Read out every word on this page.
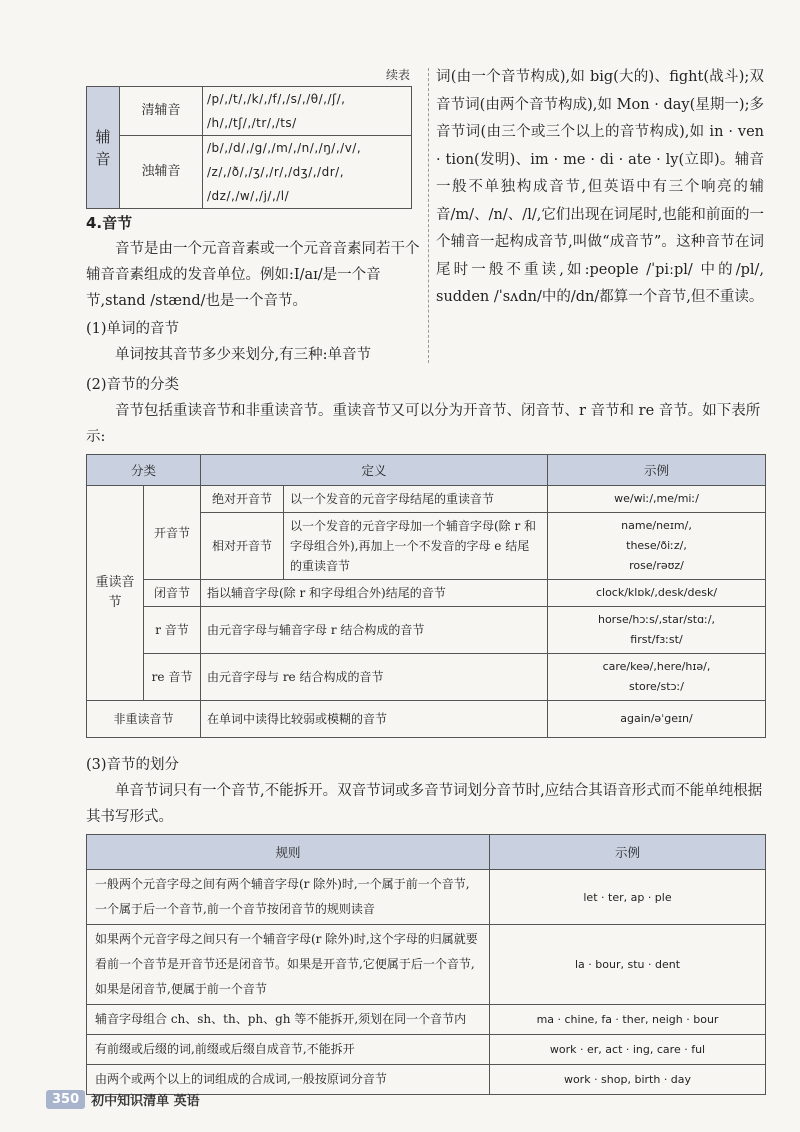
续表
辅音	清辅音	/p/,/t/,/k/,/f/,/s/,/θ/,/ʃ/,
/h/,/tʃ/,/tr/,/ts/

	浊辅音	/b/,/d/,/g/,/m/,/n/,/ŋ/,/v/,
/z/,/ð/,/ʒ/,/r/,/dʒ/,/dr/,
/dz/,/w/,/j/,/l/
4.音节
音节是由一个元音音素或一个元音音素同若干个辅音音素组成的发音单位。例如:I/aɪ/是一个音节,stand /stænd/也是一个音节。
(1)单词的音节
单词按其音节多少来划分,有三种:单音节
词(由一个音节构成),如 big(大的)、fight(战斗);双音节词(由两个音节构成),如 Mon · day(星期一);多音节词(由三个或三个以上的音节构成),如 in · ven · tion(发明)、im · me · di · ate · ly(立即)。辅音一般不单独构成音节,但英语中有三个响亮的辅音/m/、/n/、/l/,它们出现在词尾时,也能和前面的一个辅音一起构成音节,叫做“成音节”。这种音节在词尾时一般不重读,如:people /ˈpiːpl/ 中的/pl/, sudden /ˈsʌdn/中的/dn/都算一个音节,但不重读。
(2)音节的分类
音节包括重读音节和非重读音节。重读音节又可以分为开音节、闭音节、r 音节和 re 音节。如下表所示:
分类		定义		示例
重读音节	开音节	绝对开音节	以一个发音的元音字母结尾的重读音节	we/wiː/,me/miː/

		相对开音节	以一个发音的元音字母加一个辅音字母(除 r 和字母组合外),再加上一个不发音的字母 e 结尾的重读音节	name/neɪm/,
these/ðiːz/,
rose/rəʊz/

	闭音节	指以辅音字母(除 r 和字母组合外)结尾的音节		clock/klɒk/,desk/desk/

	r 音节	由元音字母与辅音字母 r 结合构成的音节		horse/hɔːs/,star/stɑː/,
first/fɜːst/

	re 音节	由元音字母与 re 结合构成的音节		care/keə/,here/hɪə/,
store/stɔː/

非重读音节		在单词中读得比较弱或模糊的音节		again/əˈgeɪn/
(3)音节的划分
单音节词只有一个音节,不能拆开。双音节词或多音节词划分音节时,应结合其语音形式而不能单纯根据其书写形式。
规则	示例
一般两个元音字母之间有两个辅音字母(r 除外)时,一个属于前一个音节,一个属于后一个音节,前一个音节按闭音节的规则读音	let · ter, ap · ple
如果两个元音字母之间只有一个辅音字母(r 除外)时,这个字母的归属就要看前一个音节是开音节还是闭音节。如果是开音节,它便属于后一个音节,如果是闭音节,便属于前一个音节	la · bour, stu · dent
辅音字母组合 ch、sh、th、ph、gh 等不能拆开,须划在同一个音节内	ma · chine, fa · ther, neigh · bour
有前缀或后缀的词,前缀或后缀自成音节,不能拆开	work · er, act · ing, care · ful
由两个或两个以上的词组成的合成词,一般按原词分音节	work · shop, birth · day
350 初中知识清单 英语
